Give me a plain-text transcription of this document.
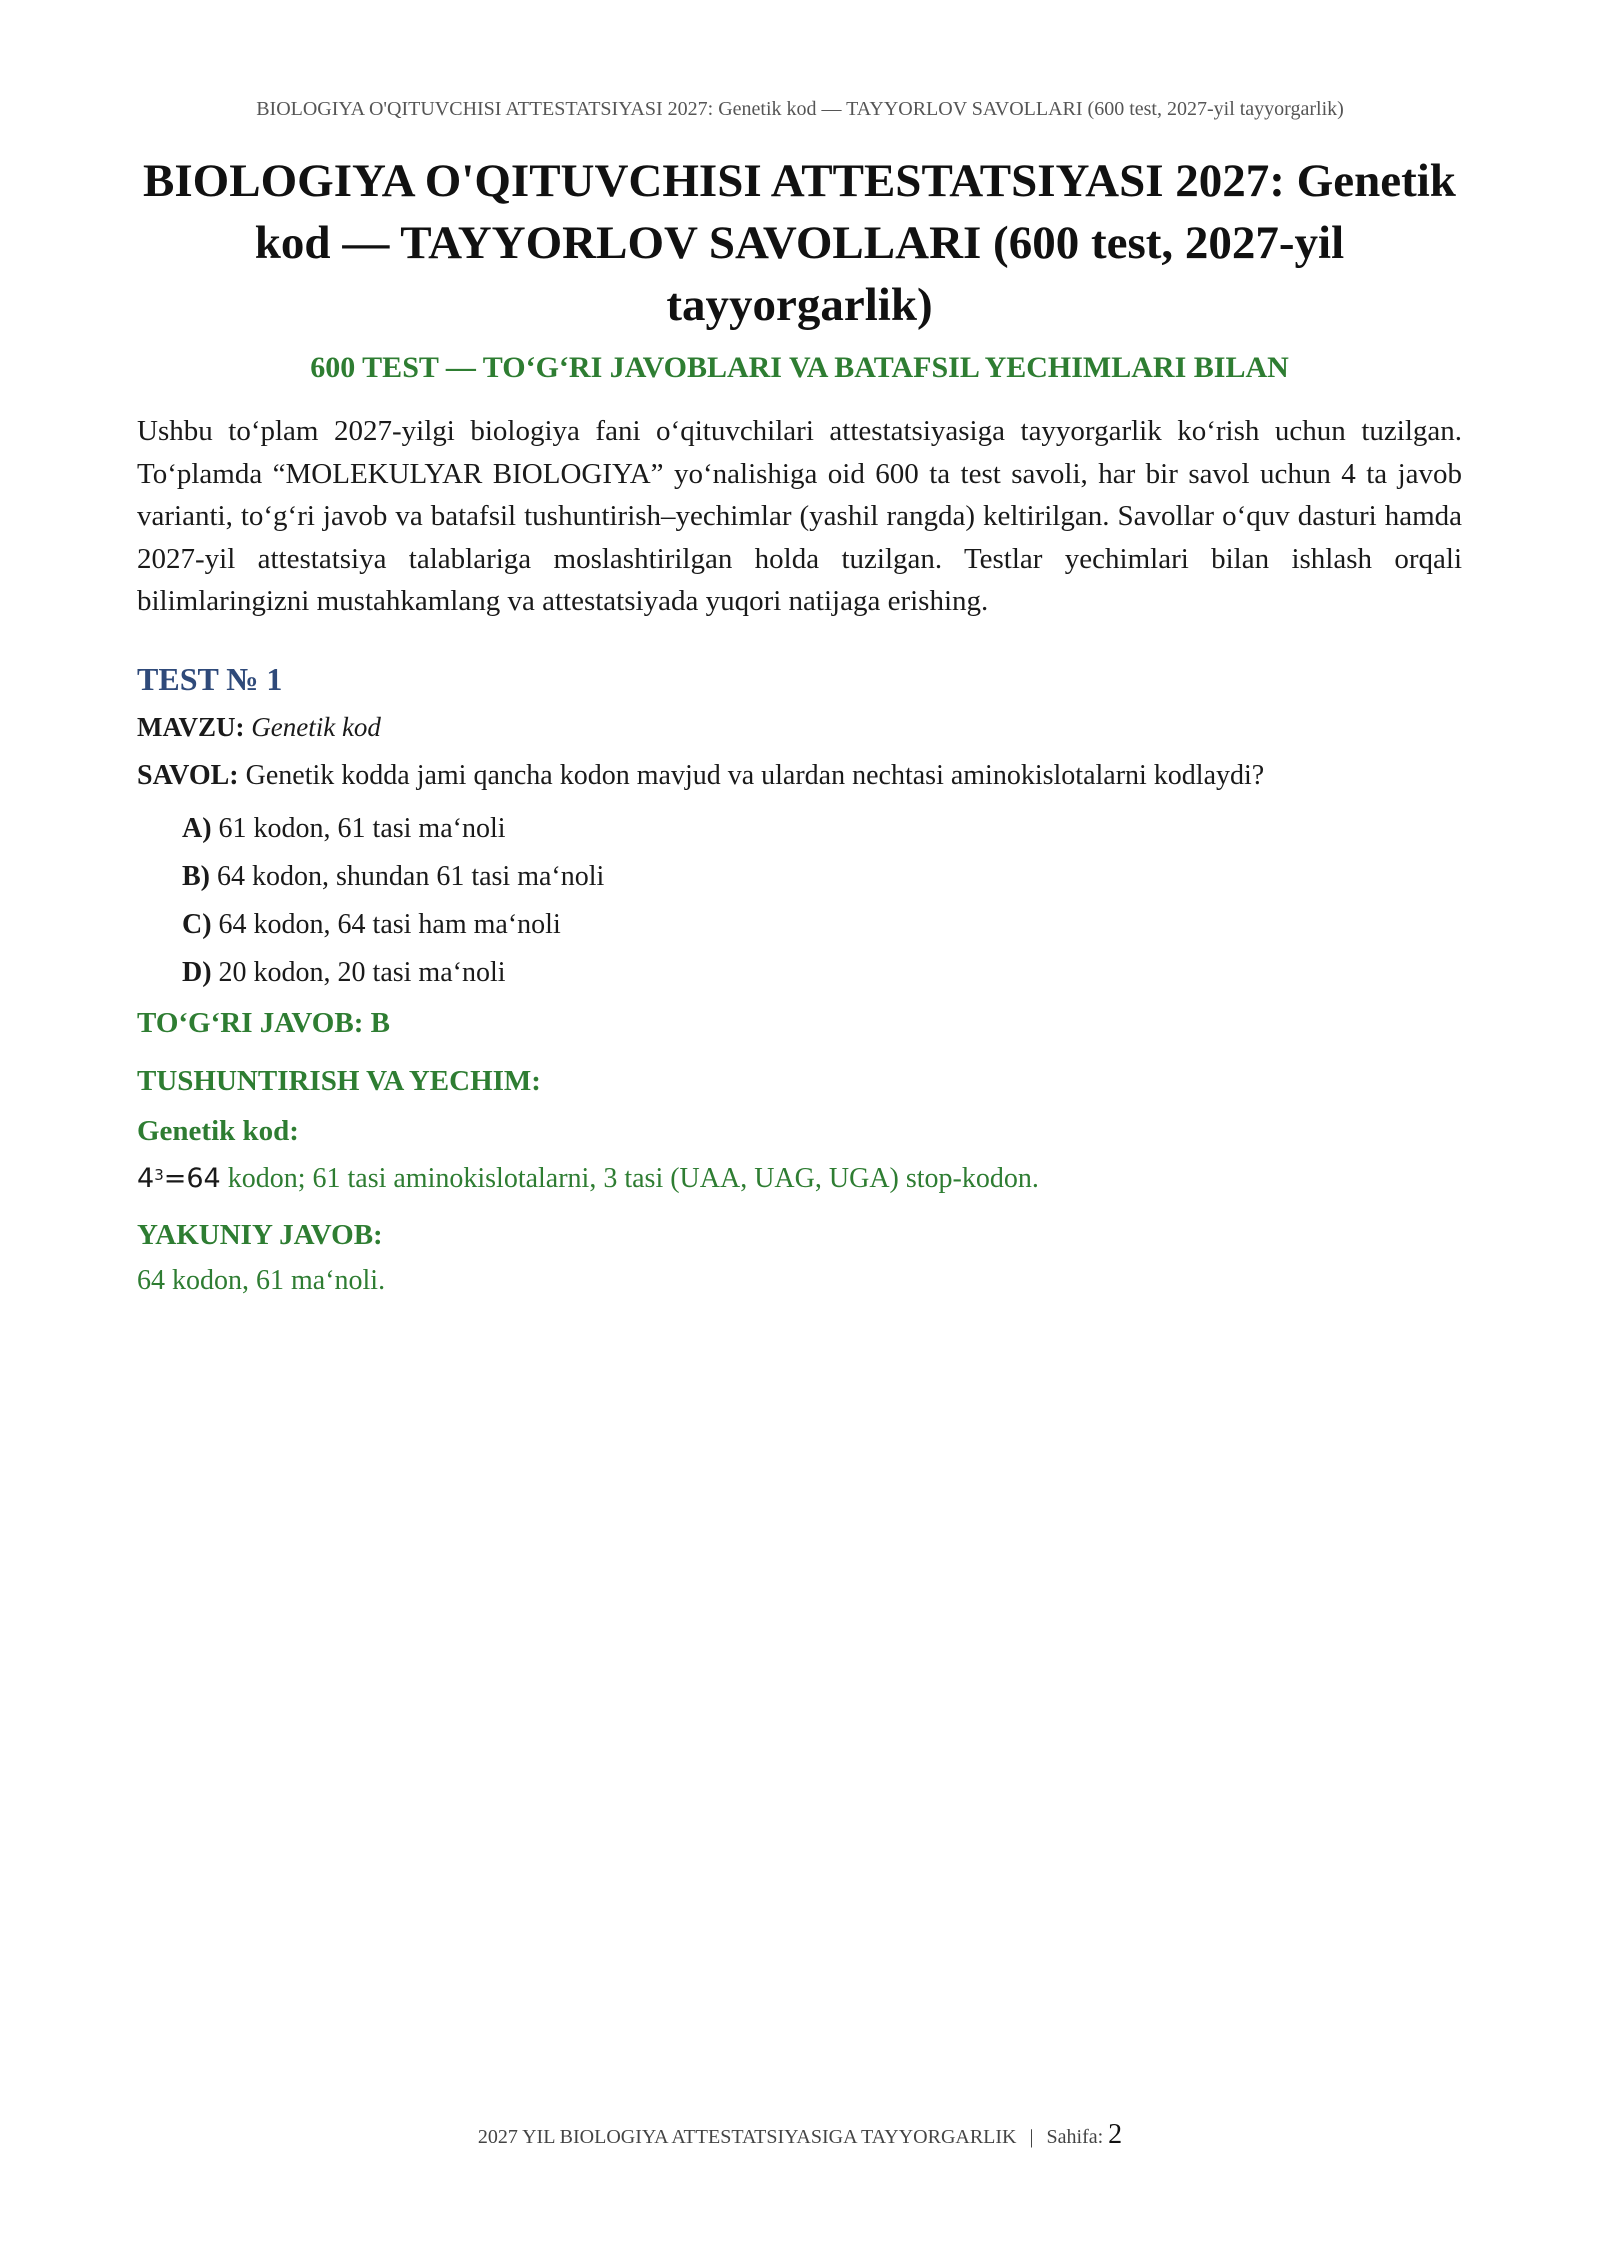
BIOLOGIYA O'QITUVCHISI ATTESTATSIYASI 2027: Genetik kod — TAYYORLOV SAVOLLARI (600 test, 2027-yil tayyorgarlik)
BIOLOGIYA O'QITUVCHISI ATTESTATSIYASI 2027: Genetik kod — TAYYORLOV SAVOLLARI (600 test, 2027-yil tayyorgarlik)
600 TEST — TO‘G‘RI JAVOBLARI VA BATAFSIL YECHIMLARI BILAN

Ushbu to‘plam 2027-yilgi biologiya fani o‘qituvchilari attestatsiyasiga tayyorgarlik ko‘rish uchun tuzilgan. To‘plamda “MOLEKULYAR BIOLOGIYA” yo‘nalishiga oid 600 ta test savoli, har bir savol uchun 4 ta javob varianti, to‘g‘ri javob va batafsil tushuntirish–yechimlar (yashil rangda) keltirilgan. Savollar o‘quv dasturi hamda 2027-yil attestatsiya talablariga moslashtirilgan holda tuzilgan. Testlar yechimlari bilan ishlash orqali bilimlaringizni mustahkamlang va attestatsiyada yuqori natijaga erishing.

TEST № 1
MAVZU: Genetik kod
SAVOL: Genetik kodda jami qancha kodon mavjud va ulardan nechtasi aminokislotalarni kodlaydi?
A) 61 kodon, 61 tasi ma‘noli
B) 64 kodon, shundan 61 tasi ma‘noli
C) 64 kodon, 64 tasi ham ma‘noli
D) 20 kodon, 20 tasi ma‘noli
TO‘G‘RI JAVOB: B
TUSHUNTIRISH VA YECHIM:
Genetik kod:
$4^3=64$ kodon; 61 tasi aminokislotalarni, 3 tasi (UAA, UAG, UGA) stop-kodon.
YAKUNIY JAVOB:
64 kodon, 61 ma‘noli.
2027 YIL BIOLOGIYA ATTESTATSIYASIGA TAYYORGARLIK | Sahifa: 2
